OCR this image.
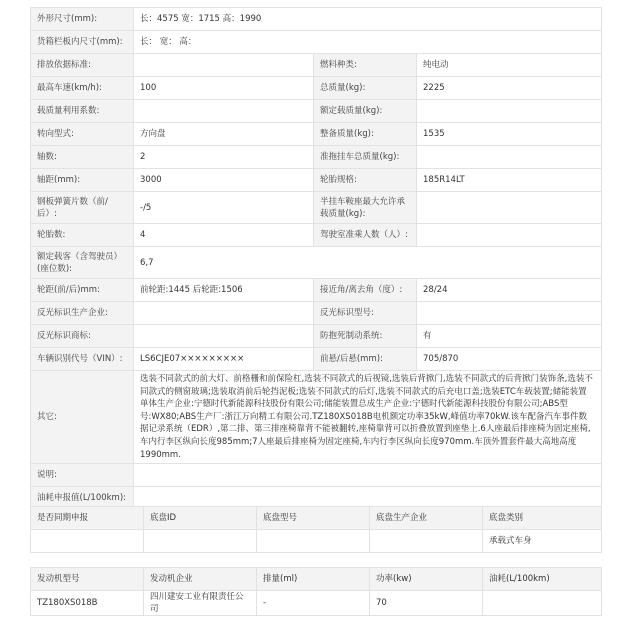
外形尺寸(mm):	长：4575 宽：1715 高：1990		
货箱栏板内尺寸(mm):	长： 宽： 高：		
排放依据标准:		燃料种类:	纯电动
最高车速(km/h):	100	总质量(kg):	2225
载质量利用系数:		额定载质量(kg):	
转向型式:	方向盘	整备质量(kg):	1535
轴数:	2	准拖挂车总质量(kg):	
轴距(mm):	3000	轮胎规格:	185R14LT
钢板弹簧片数（前/后）:	-/5	半挂车鞍座最大允许承载质量(kg):	
轮胎数:	4	驾驶室准乘人数（人）:	
额定载客（含驾驶员）(座位数):	6,7		
轮距(前/后)mm:	前轮距:1445 后轮距:1506	接近角/离去角（度）:	28/24
反光标识生产企业:		反光标识型号:	
反光标识商标:		防抱死制动系统:	有
车辆识别代号（VIN）:	LS6CJE07×××××××××	前悬/后悬(mm):	705/870
其它:	选装不同款式的前大灯、前格栅和前保险杠,选装不同款式的后视镜,选装后背掀门,选装不同款式的后背掀门装饰条,选装不同款式的侧窗玻璃;选装取消前后轮挡泥板;选装不同款式的后灯,选装不同款式的后充电口盖;选装ETC车载装置;储能装置单体生产企业:宁德时代新能源科技股份有限公司;储能装置总成生产企业:宁德时代新能源科技股份有限公司;ABS型号:WX80;ABS生产厂:浙江万向精工有限公司.TZ180XS018B电机额定功率35kW,峰值功率70kW.该车配备汽车事件数据记录系统（EDR）,第二排、第三排座椅靠背不能被翻转,座椅靠背可以折叠放置到座垫上.6人座最后排座椅为固定座椅,车内行李区纵向长度985mm;7人座最后排座椅为固定座椅,车内行李区纵向长度970mm.车顶外置套件最大高地高度1990mm.		
说明:			
油耗申报值(L/100km):			
是否同期申报	底盘ID	底盘型号	底盘生产企业	底盘类别
				承载式车身
发动机型号	发动机企业	排量(ml)	功率(kw)	油耗(L/100km)
TZ180XS018B	四川建安工业有限责任公司	-	70	
